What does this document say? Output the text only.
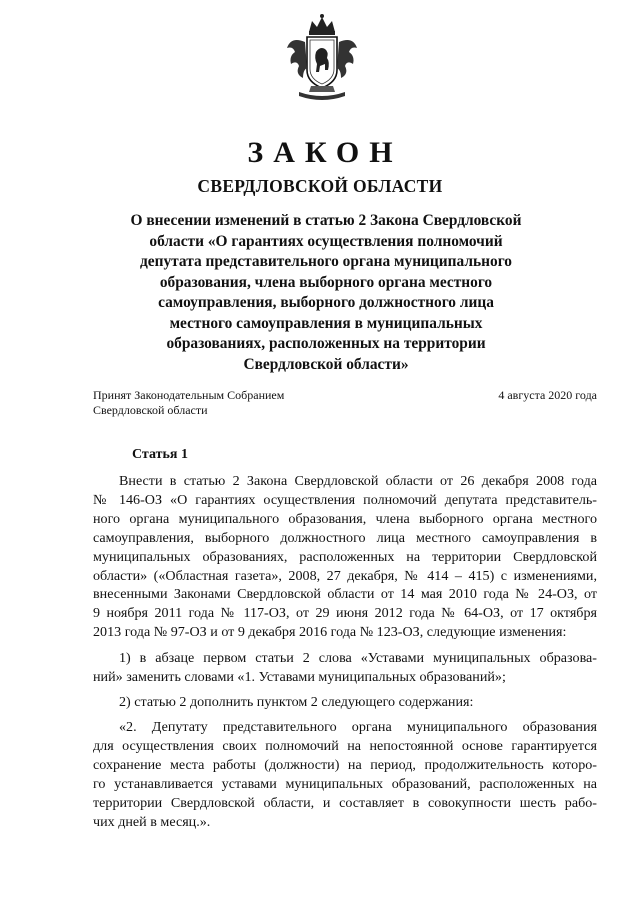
ЗАКОН
СВЕРДЛОВСКОЙ ОБЛАСТИ
О внесении изменений в статью 2 Закона Свердловской
области «О гарантиях осуществления полномочий
депутата представительного органа муниципального
образования, члена выборного органа местного
самоуправления, выборного должностного лица
местного самоуправления в муниципальных
образованиях, расположенных на территории
Свердловской области»
Принят Законодательным Собранием
Свердловской области
4 августа 2020 года
Статья 1

Внести в статью 2 Закона Свердловской области от 26 декабря 2008 года
№ 146-ОЗ «О гарантиях осуществления полномочий депутата представитель-
ного органа муниципального образования, члена выборного органа местного
самоуправления, выборного должностного лица местного самоуправления в
муниципальных образованиях, расположенных на территории Свердловской
области» («Областная газета», 2008, 27 декабря, № 414 – 415) с изменениями,
внесенными Законами Свердловской области от 14 мая 2010 года № 24-ОЗ, от
9 ноября 2011 года № 117-ОЗ, от 29 июня 2012 года № 64-ОЗ, от 17 октября
2013 года № 97-ОЗ и от 9 декабря 2016 года № 123-ОЗ, следующие изменения:

1) в абзаце первом статьи 2 слова «Уставами муниципальных образова-
ний» заменить словами «1. Уставами муниципальных образований»;

2) статью 2 дополнить пунктом 2 следующего содержания:

«2. Депутату представительного органа муниципального образования
для осуществления своих полномочий на непостоянной основе гарантируется
сохранение места работы (должности) на период, продолжительность которо-
го устанавливается уставами муниципальных образований, расположенных на
территории Свердловской области, и составляет в совокупности шесть рабо-
чих дней в месяц.».
